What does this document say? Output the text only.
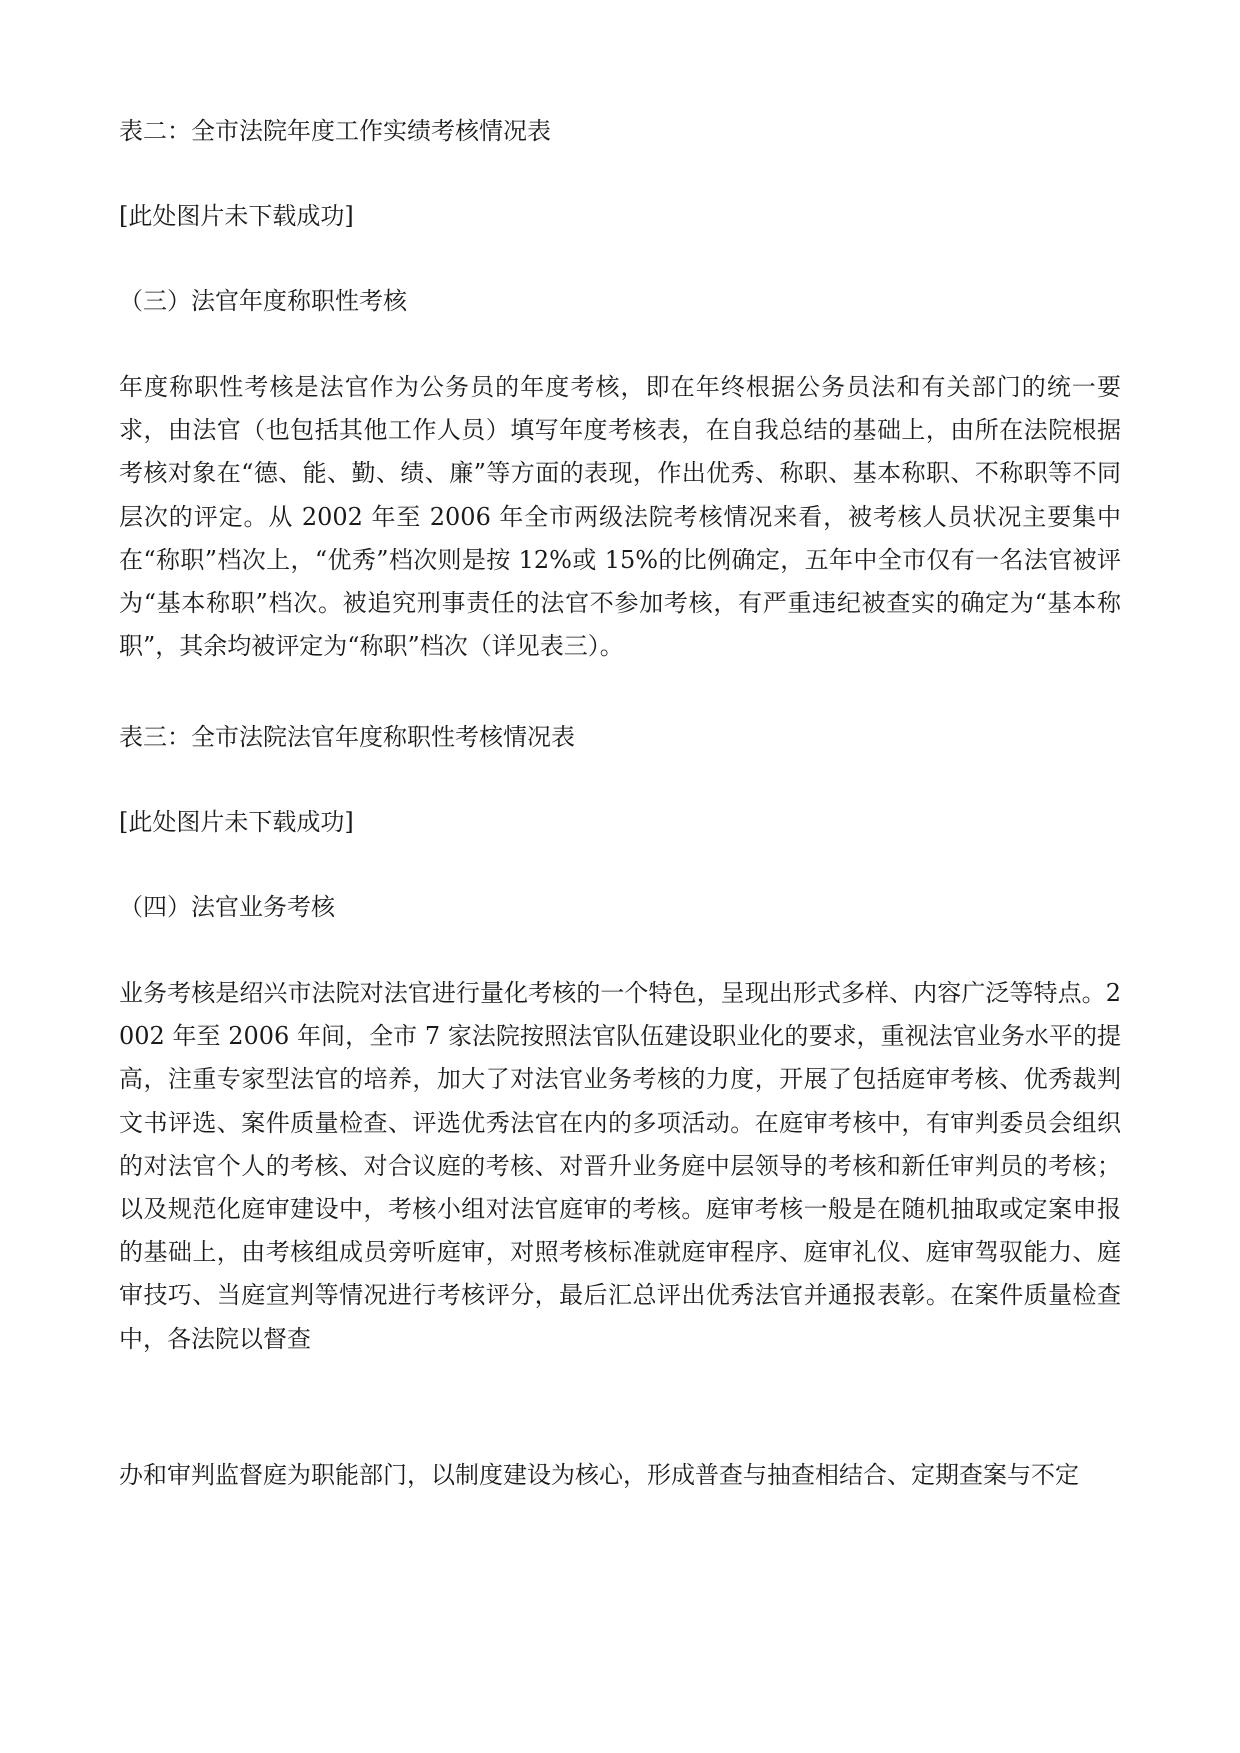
表二：全市法院年度工作实绩考核情况表
[此处图片未下载成功]
（三）法官年度称职性考核
年度称职性考核是法官作为公务员的年度考核，即在年终根据公务员法和有关部门的统一要求，由法官（也包括其他工作人员）填写年度考核表，在自我总结的基础上，由所在法院根据考核对象在“德、能、勤、绩、廉”等方面的表现，作出优秀、称职、基本称职、不称职等不同层次的评定。从 2002 年至 2006 年全市两级法院考核情况来看，被考核人员状况主要集中在“称职”档次上，“优秀”档次则是按 12%或 15%的比例确定，五年中全市仅有一名法官被评为“基本称职”档次。被追究刑事责任的法官不参加考核，有严重违纪被查实的确定为“基本称职”，其余均被评定为“称职”档次（详见表三）。
表三：全市法院法官年度称职性考核情况表
[此处图片未下载成功]
（四）法官业务考核
业务考核是绍兴市法院对法官进行量化考核的一个特色，呈现出形式多样、内容广泛等特点。2002 年至 2006 年间，全市 7 家法院按照法官队伍建设职业化的要求，重视法官业务水平的提高，注重专家型法官的培养，加大了对法官业务考核的力度，开展了包括庭审考核、优秀裁判文书评选、案件质量检查、评选优秀法官在内的多项活动。在庭审考核中，有审判委员会组织的对法官个人的考核、对合议庭的考核、对晋升业务庭中层领导的考核和新任审判员的考核；以及规范化庭审建设中，考核小组对法官庭审的考核。庭审考核一般是在随机抽取或定案申报的基础上，由考核组成员旁听庭审，对照考核标准就庭审程序、庭审礼仪、庭审驾驭能力、庭审技巧、当庭宣判等情况进行考核评分，最后汇总评出优秀法官并通报表彰。在案件质量检查中，各法院以督查
办和审判监督庭为职能部门，以制度建设为核心，形成普查与抽查相结合、定期查案与不定
